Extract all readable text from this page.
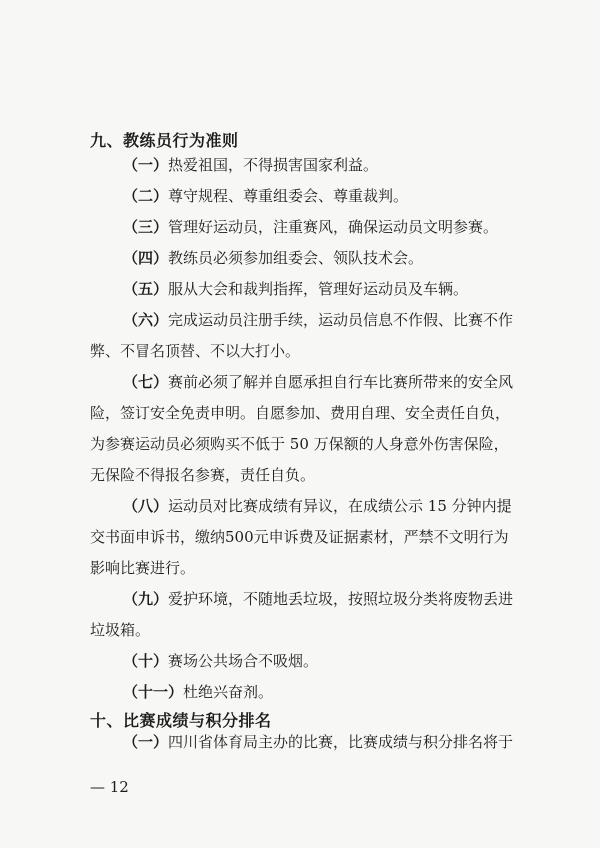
九、教练员行为准则
（一）热爱祖国，不得损害国家利益。
（二）尊守规程、尊重组委会、尊重裁判。
（三）管理好运动员，注重赛风，确保运动员文明参赛。
（四）教练员必须参加组委会、领队技术会。
（五）服从大会和裁判指挥，管理好运动员及车辆。
（六）完成运动员注册手续，运动员信息不作假、比赛不作
弊、不冒名顶替、不以大打小。
（七）赛前必须了解并自愿承担自行车比赛所带来的安全风
险，签订安全免责申明。自愿参加、费用自理、安全责任自负，
为参赛运动员必须购买不低于 50 万保额的人身意外伤害保险，
无保险不得报名参赛，责任自负。
（八）运动员对比赛成绩有异议，在成绩公示 15 分钟内提
交书面申诉书，缴纳500元申诉费及证据素材，严禁不文明行为
影响比赛进行。
（九）爱护环境，不随地丢垃圾，按照垃圾分类将废物丢进
垃圾箱。
（十）赛场公共场合不吸烟。
（十一）杜绝兴奋剂。
十、比赛成绩与积分排名
（一）四川省体育局主办的比赛，比赛成绩与积分排名将于
— 12
